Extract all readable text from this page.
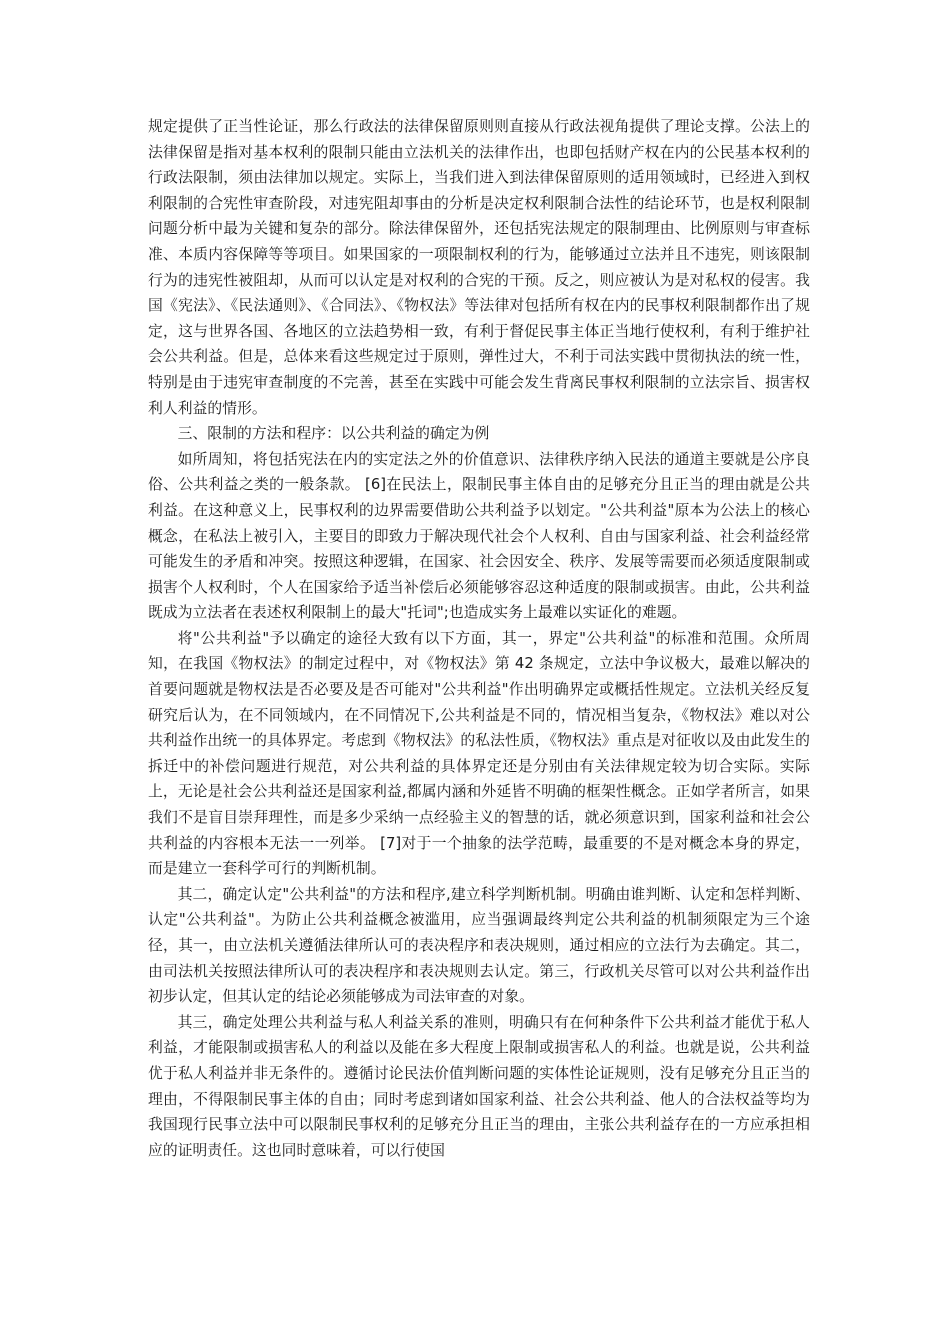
规定提供了正当性论证，那么行政法的法律保留原则则直接从行政法视角提供了理论支撑。公法上的法律保留是指对基本权利的限制只能由立法机关的法律作出，也即包括财产权在内的公民基本权利的行政法限制，须由法律加以规定。实际上，当我们进入到法律保留原则的适用领域时，已经进入到权利限制的合宪性审查阶段，对违宪阻却事由的分析是决定权利限制合法性的结论环节，也是权利限制问题分析中最为关键和复杂的部分。除法律保留外，还包括宪法规定的限制理由、比例原则与审查标准、本质内容保障等等项目。如果国家的一项限制权利的行为，能够通过立法并且不违宪，则该限制行为的违宪性被阻却，从而可以认定是对权利的合宪的干预。反之，则应被认为是对私权的侵害。我国《宪法》、《民法通则》、《合同法》、《物权法》等法律对包括所有权在内的民事权利限制都作出了规定，这与世界各国、各地区的立法趋势相一致，有利于督促民事主体正当地行使权利，有利于维护社会公共利益。但是，总体来看这些规定过于原则，弹性过大，不利于司法实践中贯彻执法的统一性，特别是由于违宪审查制度的不完善，甚至在实践中可能会发生背离民事权利限制的立法宗旨、损害权利人利益的情形。

三、限制的方法和程序：以公共利益的确定为例

如所周知，将包括宪法在内的实定法之外的价值意识、法律秩序纳入民法的通道主要就是公序良俗、公共利益之类的一般条款。 [6]在民法上，限制民事主体自由的足够充分且正当的理由就是公共利益。在这种意义上，民事权利的边界需要借助公共利益予以划定。"公共利益"原本为公法上的核心概念，在私法上被引入，主要目的即致力于解决现代社会个人权利、自由与国家利益、社会利益经常可能发生的矛盾和冲突。按照这种逻辑，在国家、社会因安全、秩序、发展等需要而必须适度限制或损害个人权利时，个人在国家给予适当补偿后必须能够容忍这种适度的限制或损害。由此，公共利益既成为立法者在表述权利限制上的最大"托词";也造成实务上最难以实证化的难题。

将"公共利益"予以确定的途径大致有以下方面，其一，界定"公共利益"的标准和范围。众所周知，在我国《物权法》的制定过程中，对《物权法》第 42 条规定，立法中争议极大，最难以解决的首要问题就是物权法是否必要及是否可能对"公共利益"作出明确界定或概括性规定。立法机关经反复研究后认为，在不同领域内，在不同情况下,公共利益是不同的，情况相当复杂，《物权法》难以对公共利益作出统一的具体界定。考虑到《物权法》的私法性质，《物权法》重点是对征收以及由此发生的拆迁中的补偿问题进行规范，对公共利益的具体界定还是分别由有关法律规定较为切合实际。实际上，无论是社会公共利益还是国家利益,都属内涵和外延皆不明确的框架性概念。正如学者所言，如果我们不是盲目崇拜理性，而是多少采纳一点经验主义的智慧的话，就必须意识到，国家利益和社会公共利益的内容根本无法一一列举。 [7]对于一个抽象的法学范畴，最重要的不是对概念本身的界定，而是建立一套科学可行的判断机制。

其二，确定认定"公共利益"的方法和程序,建立科学判断机制。明确由谁判断、认定和怎样判断、认定"公共利益"。为防止公共利益概念被滥用，应当强调最终判定公共利益的机制须限定为三个途径，其一，由立法机关遵循法律所认可的表决程序和表决规则，通过相应的立法行为去确定。其二，由司法机关按照法律所认可的表决程序和表决规则去认定。第三，行政机关尽管可以对公共利益作出初步认定，但其认定的结论必须能够成为司法审查的对象。

其三，确定处理公共利益与私人利益关系的准则，明确只有在何种条件下公共利益才能优于私人利益，才能限制或损害私人的利益以及能在多大程度上限制或损害私人的利益。也就是说，公共利益优于私人利益并非无条件的。遵循讨论民法价值判断问题的实体性论证规则，没有足够充分且正当的理由，不得限制民事主体的自由；同时考虑到诸如国家利益、社会公共利益、他人的合法权益等均为我国现行民事立法中可以限制民事权利的足够充分且正当的理由，主张公共利益存在的一方应承担相应的证明责任。这也同时意味着，可以行使国
